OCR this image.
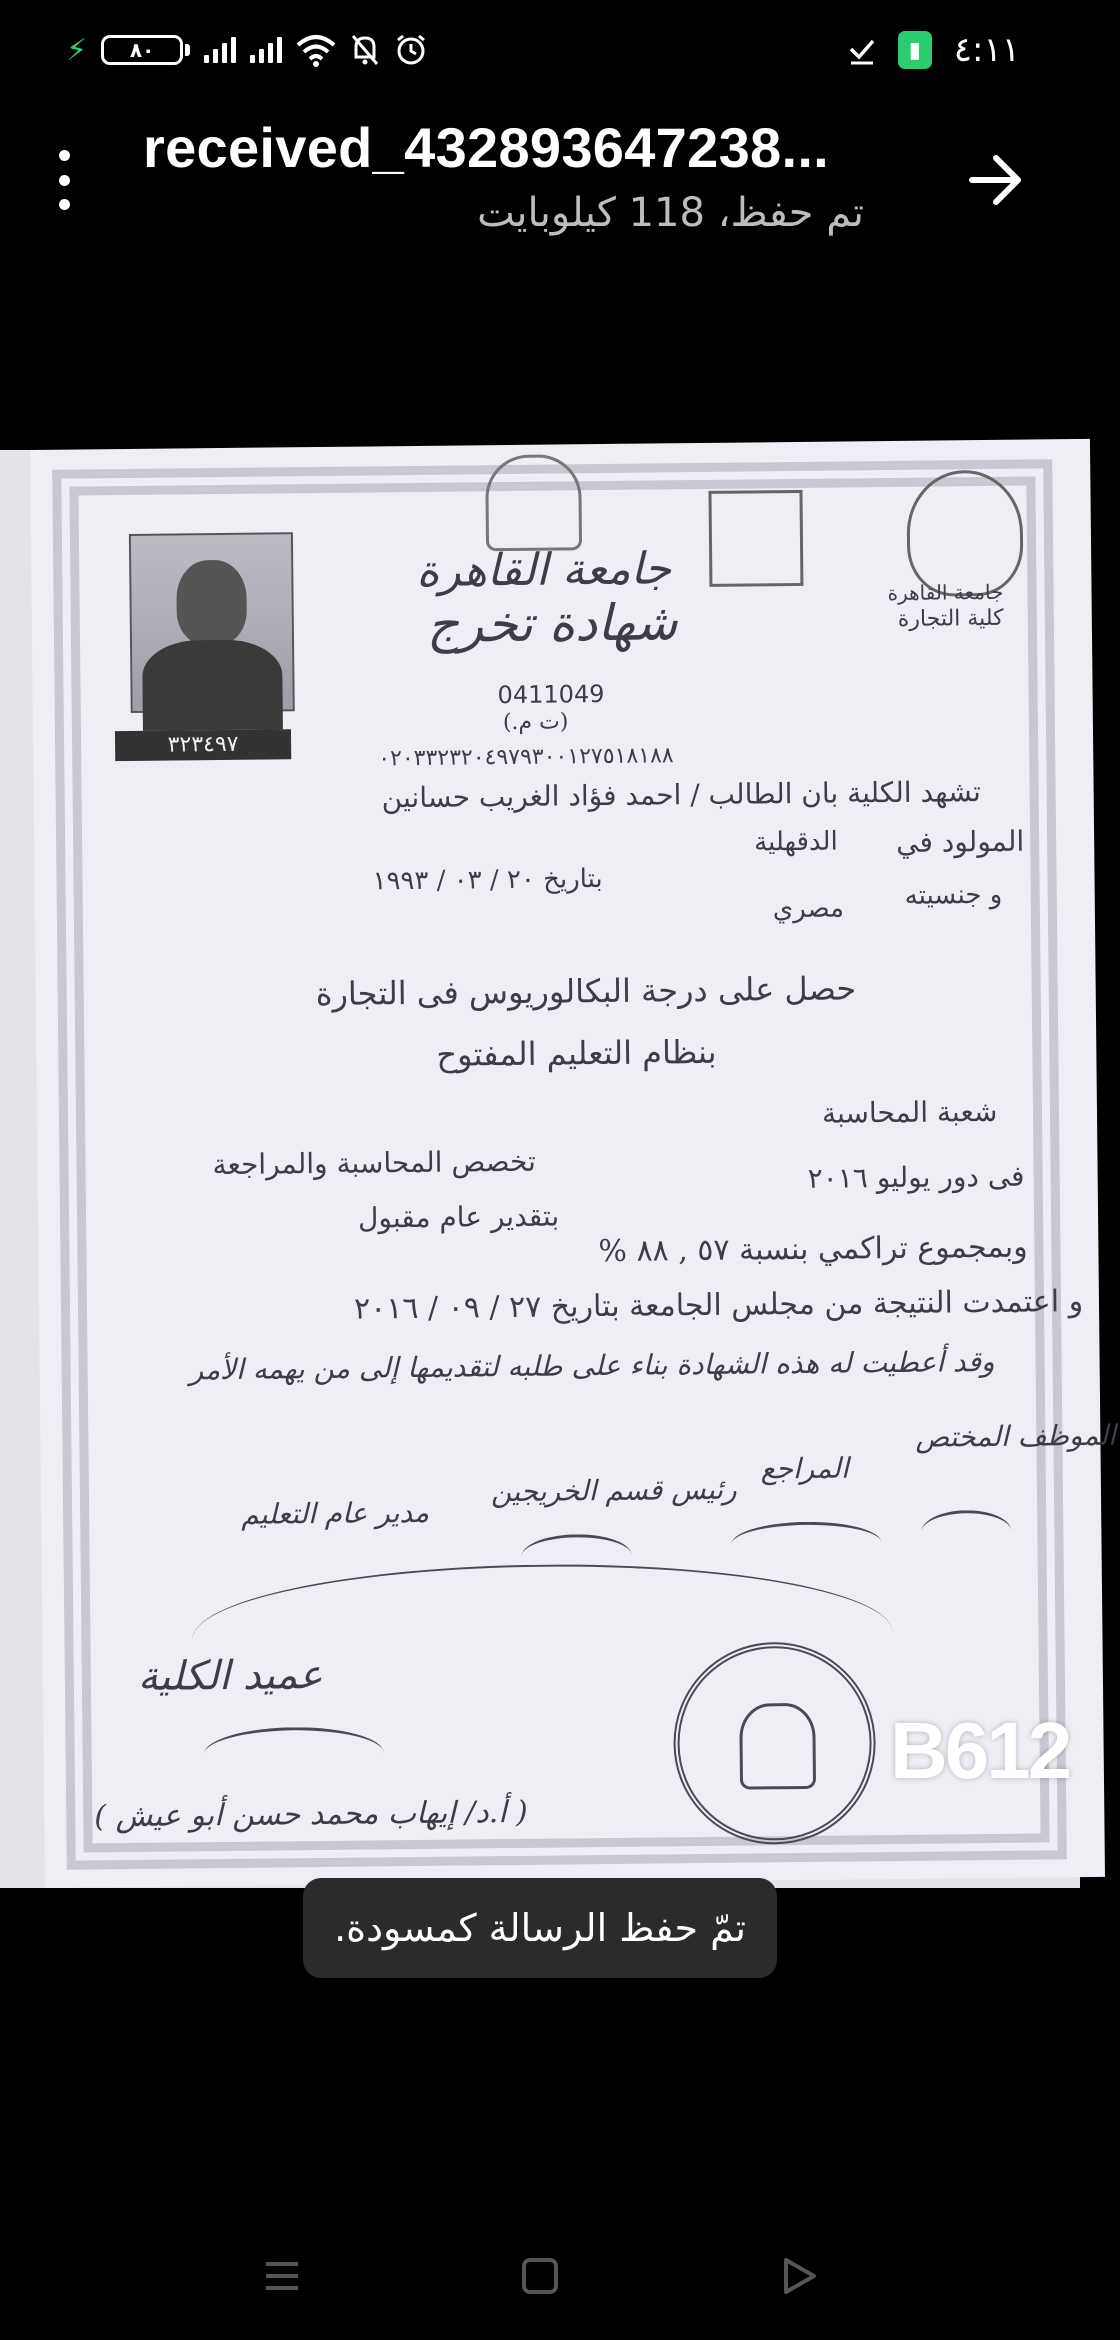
⚡	٨٠	▮ ٤:١١
received_432893647238...
تم حفظ، 118 كيلوبايت
٣٢٣٤٩٧
جامعة القاهرة
شهادة تخرج
جامعة القاهرة
كلية التجارة
0411049
(ت م.)
٠٢٠٣٣٢٣٢٠٤٩٧٩٣٠٠١٢٧٥١٨١٨٨
تشهد الكلية بان الطالب / احمد فؤاد الغريب حسانين
المولود في
الدقهلية
بتاريخ ٢٠ / ٠٣ / ١٩٩٣
و جنسيته
مصري
حصل على درجة البكالوريوس فى التجارة
بنظام التعليم المفتوح
شعبة المحاسبة
تخصص المحاسبة والمراجعة	فى دور يوليو ٢٠١٦
بتقدير عام مقبول
وبمجموع تراكمي بنسبة ٥٧ , ٨٨ %
و اعتمدت النتيجة من مجلس الجامعة بتاريخ ٢٧ / ٠٩ / ٢٠١٦
وقد أعطيت له هذه الشهادة بناء على طلبه لتقديمها إلى من يهمه الأمر
الموظف المختص
المراجع
رئيس قسم الخريجين
مدير عام التعليم
عميد الكلية
( أ.د/ إيهاب محمد حسن أبو عيش )
B612
تمّ حفظ الرسالة كمسودة.
